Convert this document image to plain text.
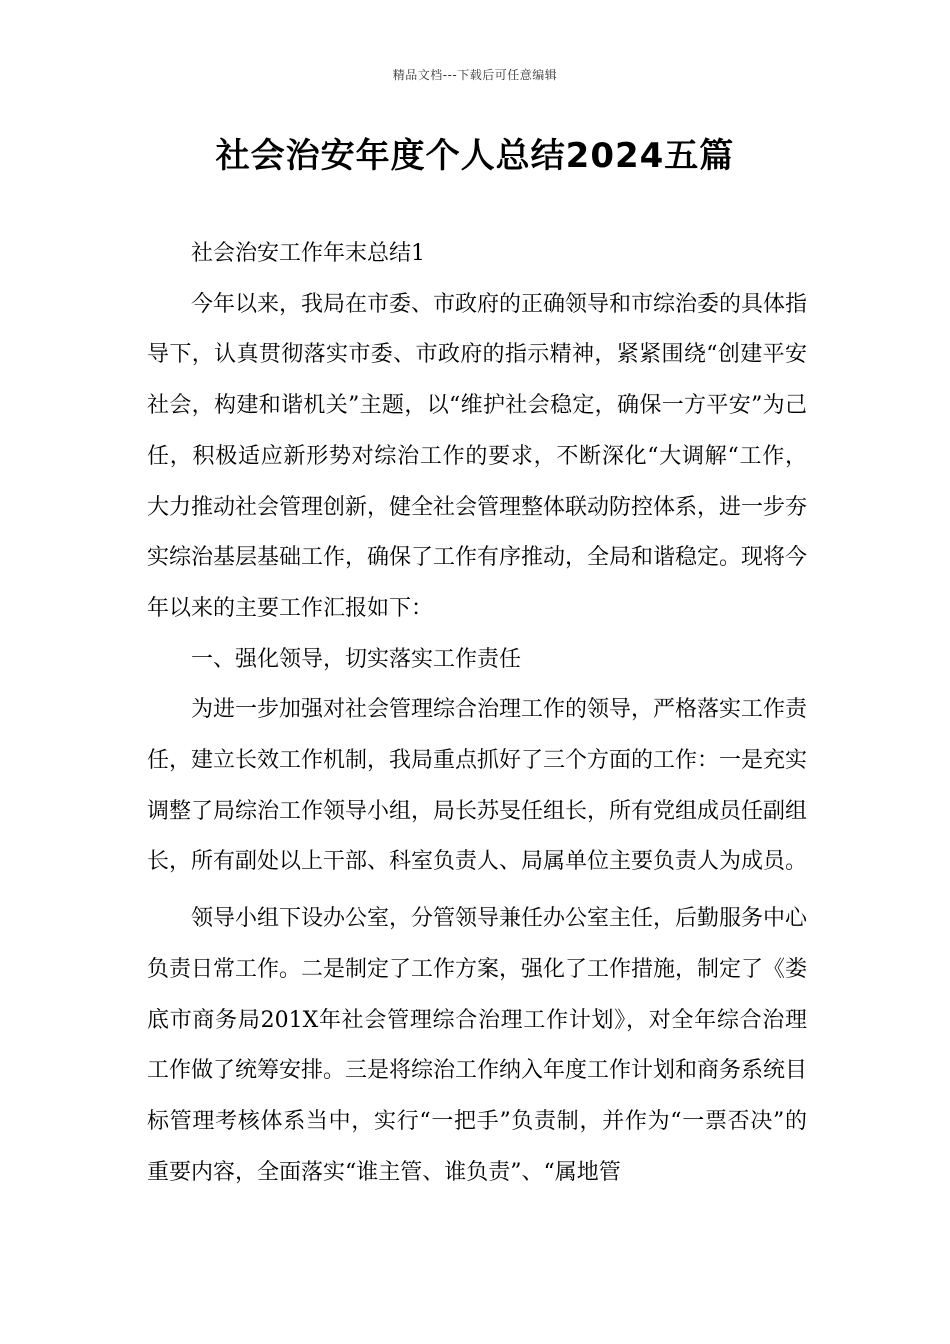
精品文档---下载后可任意编辑
社会治安年度个人总结2024五篇

社会治安工作年末总结1

今年以来，我局在市委、市政府的正确领导和市综治委的具体指导下，认真贯彻落实市委、市政府的指示精神，紧紧围绕“创建平安社会，构建和谐机关”主题，以“维护社会稳定，确保一方平安”为己任，积极适应新形势对综治工作的要求，不断深化“大调解“工作，大力推动社会管理创新，健全社会管理整体联动防控体系，进一步夯实综治基层基础工作，确保了工作有序推动，全局和谐稳定。现将今年以来的主要工作汇报如下：

一、强化领导，切实落实工作责任

为进一步加强对社会管理综合治理工作的领导，严格落实工作责任，建立长效工作机制，我局重点抓好了三个方面的工作：一是充实调整了局综治工作领导小组，局长苏旻任组长，所有党组成员任副组长，所有副处以上干部、科室负责人、局属单位主要负责人为成员。

领导小组下设办公室，分管领导兼任办公室主任，后勤服务中心负责日常工作。二是制定了工作方案，强化了工作措施，制定了《娄底市商务局201X年社会管理综合治理工作计划》，对全年综合治理工作做了统筹安排。三是将综治工作纳入年度工作计划和商务系统目标管理考核体系当中，实行“一把手”负责制，并作为“一票否决”的重要内容，全面落实“谁主管、谁负责”、“属地管
